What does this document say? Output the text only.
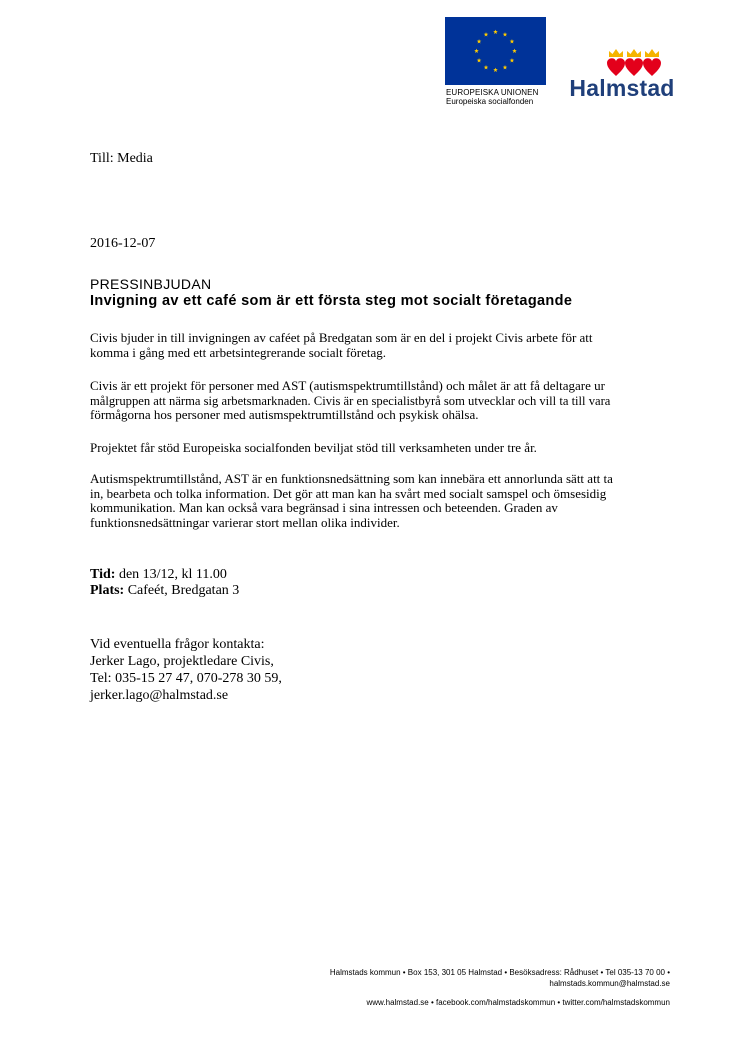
EUROPEISKA UNIONEN
Europeiska socialfonden
Halmstad
Till: Media
2016-12-07
PRESSINBJUDAN
Invigning av ett café som är ett första steg mot socialt företagande
Civis bjuder in till invigningen av caféet på Bredgatan som är en del i projekt Civis arbete för att
komma i gång med ett arbetsintegrerande socialt företag.
Civis är ett projekt för personer med AST (autismspektrumtillstånd) och målet är att få deltagare ur
målgruppen att närma sig arbetsmarknaden. Civis är en specialistbyrå som utvecklar och vill ta till vara
förmågorna hos personer med autismspektrumtillstånd och psykisk ohälsa.
Projektet får stöd Europeiska socialfonden beviljat stöd till verksamheten under tre år.
Autismspektrumtillstånd, AST är en funktionsnedsättning som kan innebära ett annorlunda sätt att ta
in, bearbeta och tolka information. Det gör att man kan ha svårt med socialt samspel och ömsesidig
kommunikation. Man kan också vara begränsad i sina intressen och beteenden. Graden av
funktionsnedsättningar varierar stort mellan olika individer.
Tid: den 13/12, kl 11.00
Plats: Cafeét, Bredgatan 3
Vid eventuella frågor kontakta:
Jerker Lago, projektledare Civis,
Tel: 035-15 27 47, 070-278 30 59,
jerker.lago@halmstad.se
Halmstads kommun • Box 153, 301 05 Halmstad • Besöksadress: Rådhuset • Tel 035-13 70 00 •
halmstads.kommun@halmstad.se
www.halmstad.se • facebook.com/halmstadskommun • twitter.com/halmstadskommun
